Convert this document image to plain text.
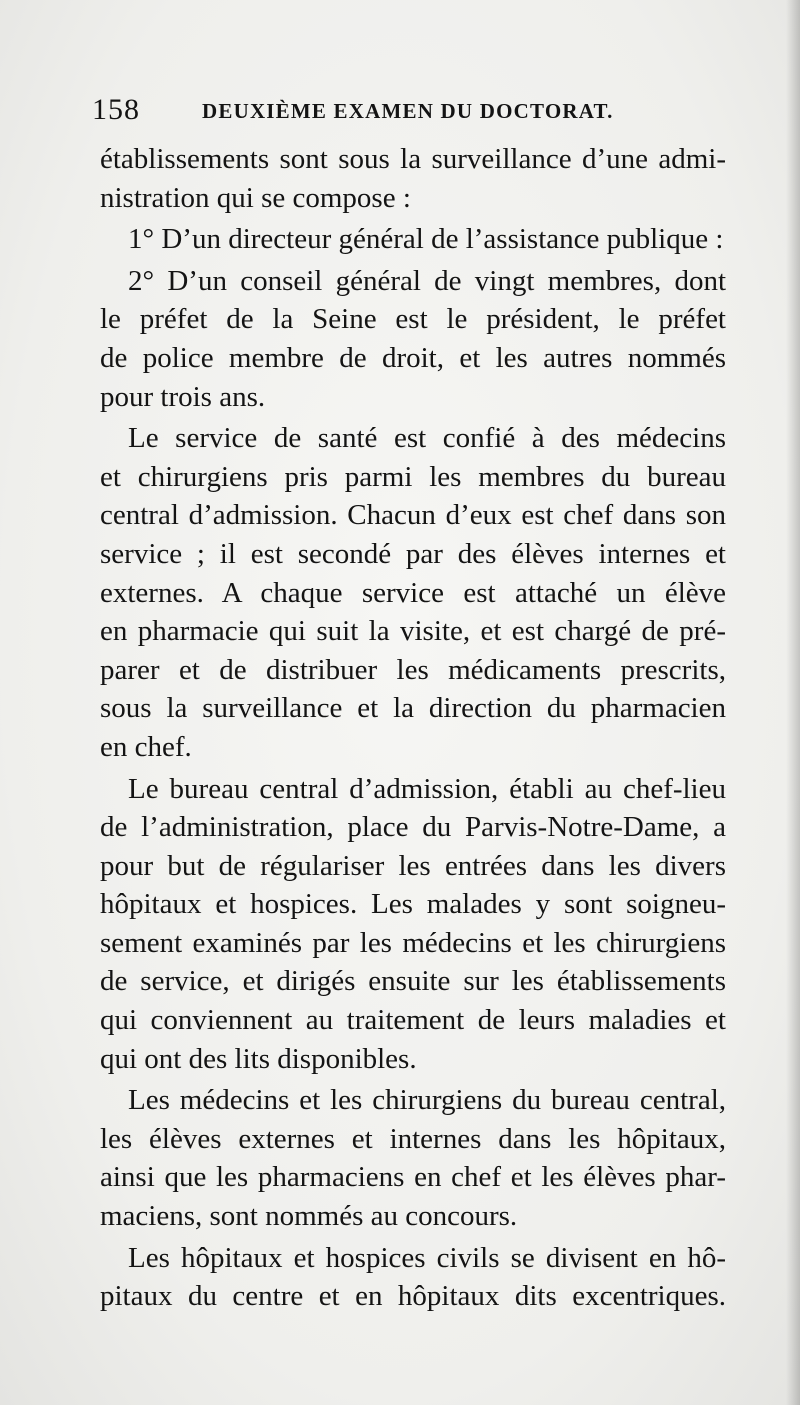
158	DEUXIÈME EXAMEN DU DOCTORAT.
établissements sont sous la surveillance d’une admi-
nistration qui se compose :
1° D’un directeur général de l’assistance publique :
2° D’un conseil général de vingt membres, dont
le préfet de la Seine est le président, le préfet
de police membre de droit, et les autres nommés
pour trois ans.
Le service de santé est confié à des médecins
et chirurgiens pris parmi les membres du bureau
central d’admission. Chacun d’eux est chef dans son
service ; il est secondé par des élèves internes et
externes. A chaque service est attaché un élève
en pharmacie qui suit la visite, et est chargé de pré-
parer et de distribuer les médicaments prescrits,
sous la surveillance et la direction du pharmacien
en chef.
Le bureau central d’admission, établi au chef-lieu
de l’administration, place du Parvis-Notre-Dame, a
pour but de régulariser les entrées dans les divers
hôpitaux et hospices. Les malades y sont soigneu-
sement examinés par les médecins et les chirurgiens
de service, et dirigés ensuite sur les établissements
qui conviennent au traitement de leurs maladies et
qui ont des lits disponibles.
Les médecins et les chirurgiens du bureau central,
les élèves externes et internes dans les hôpitaux,
ainsi que les pharmaciens en chef et les élèves phar-
maciens, sont nommés au concours.
Les hôpitaux et hospices civils se divisent en hô-
pitaux du centre et en hôpitaux dits excentriques.
